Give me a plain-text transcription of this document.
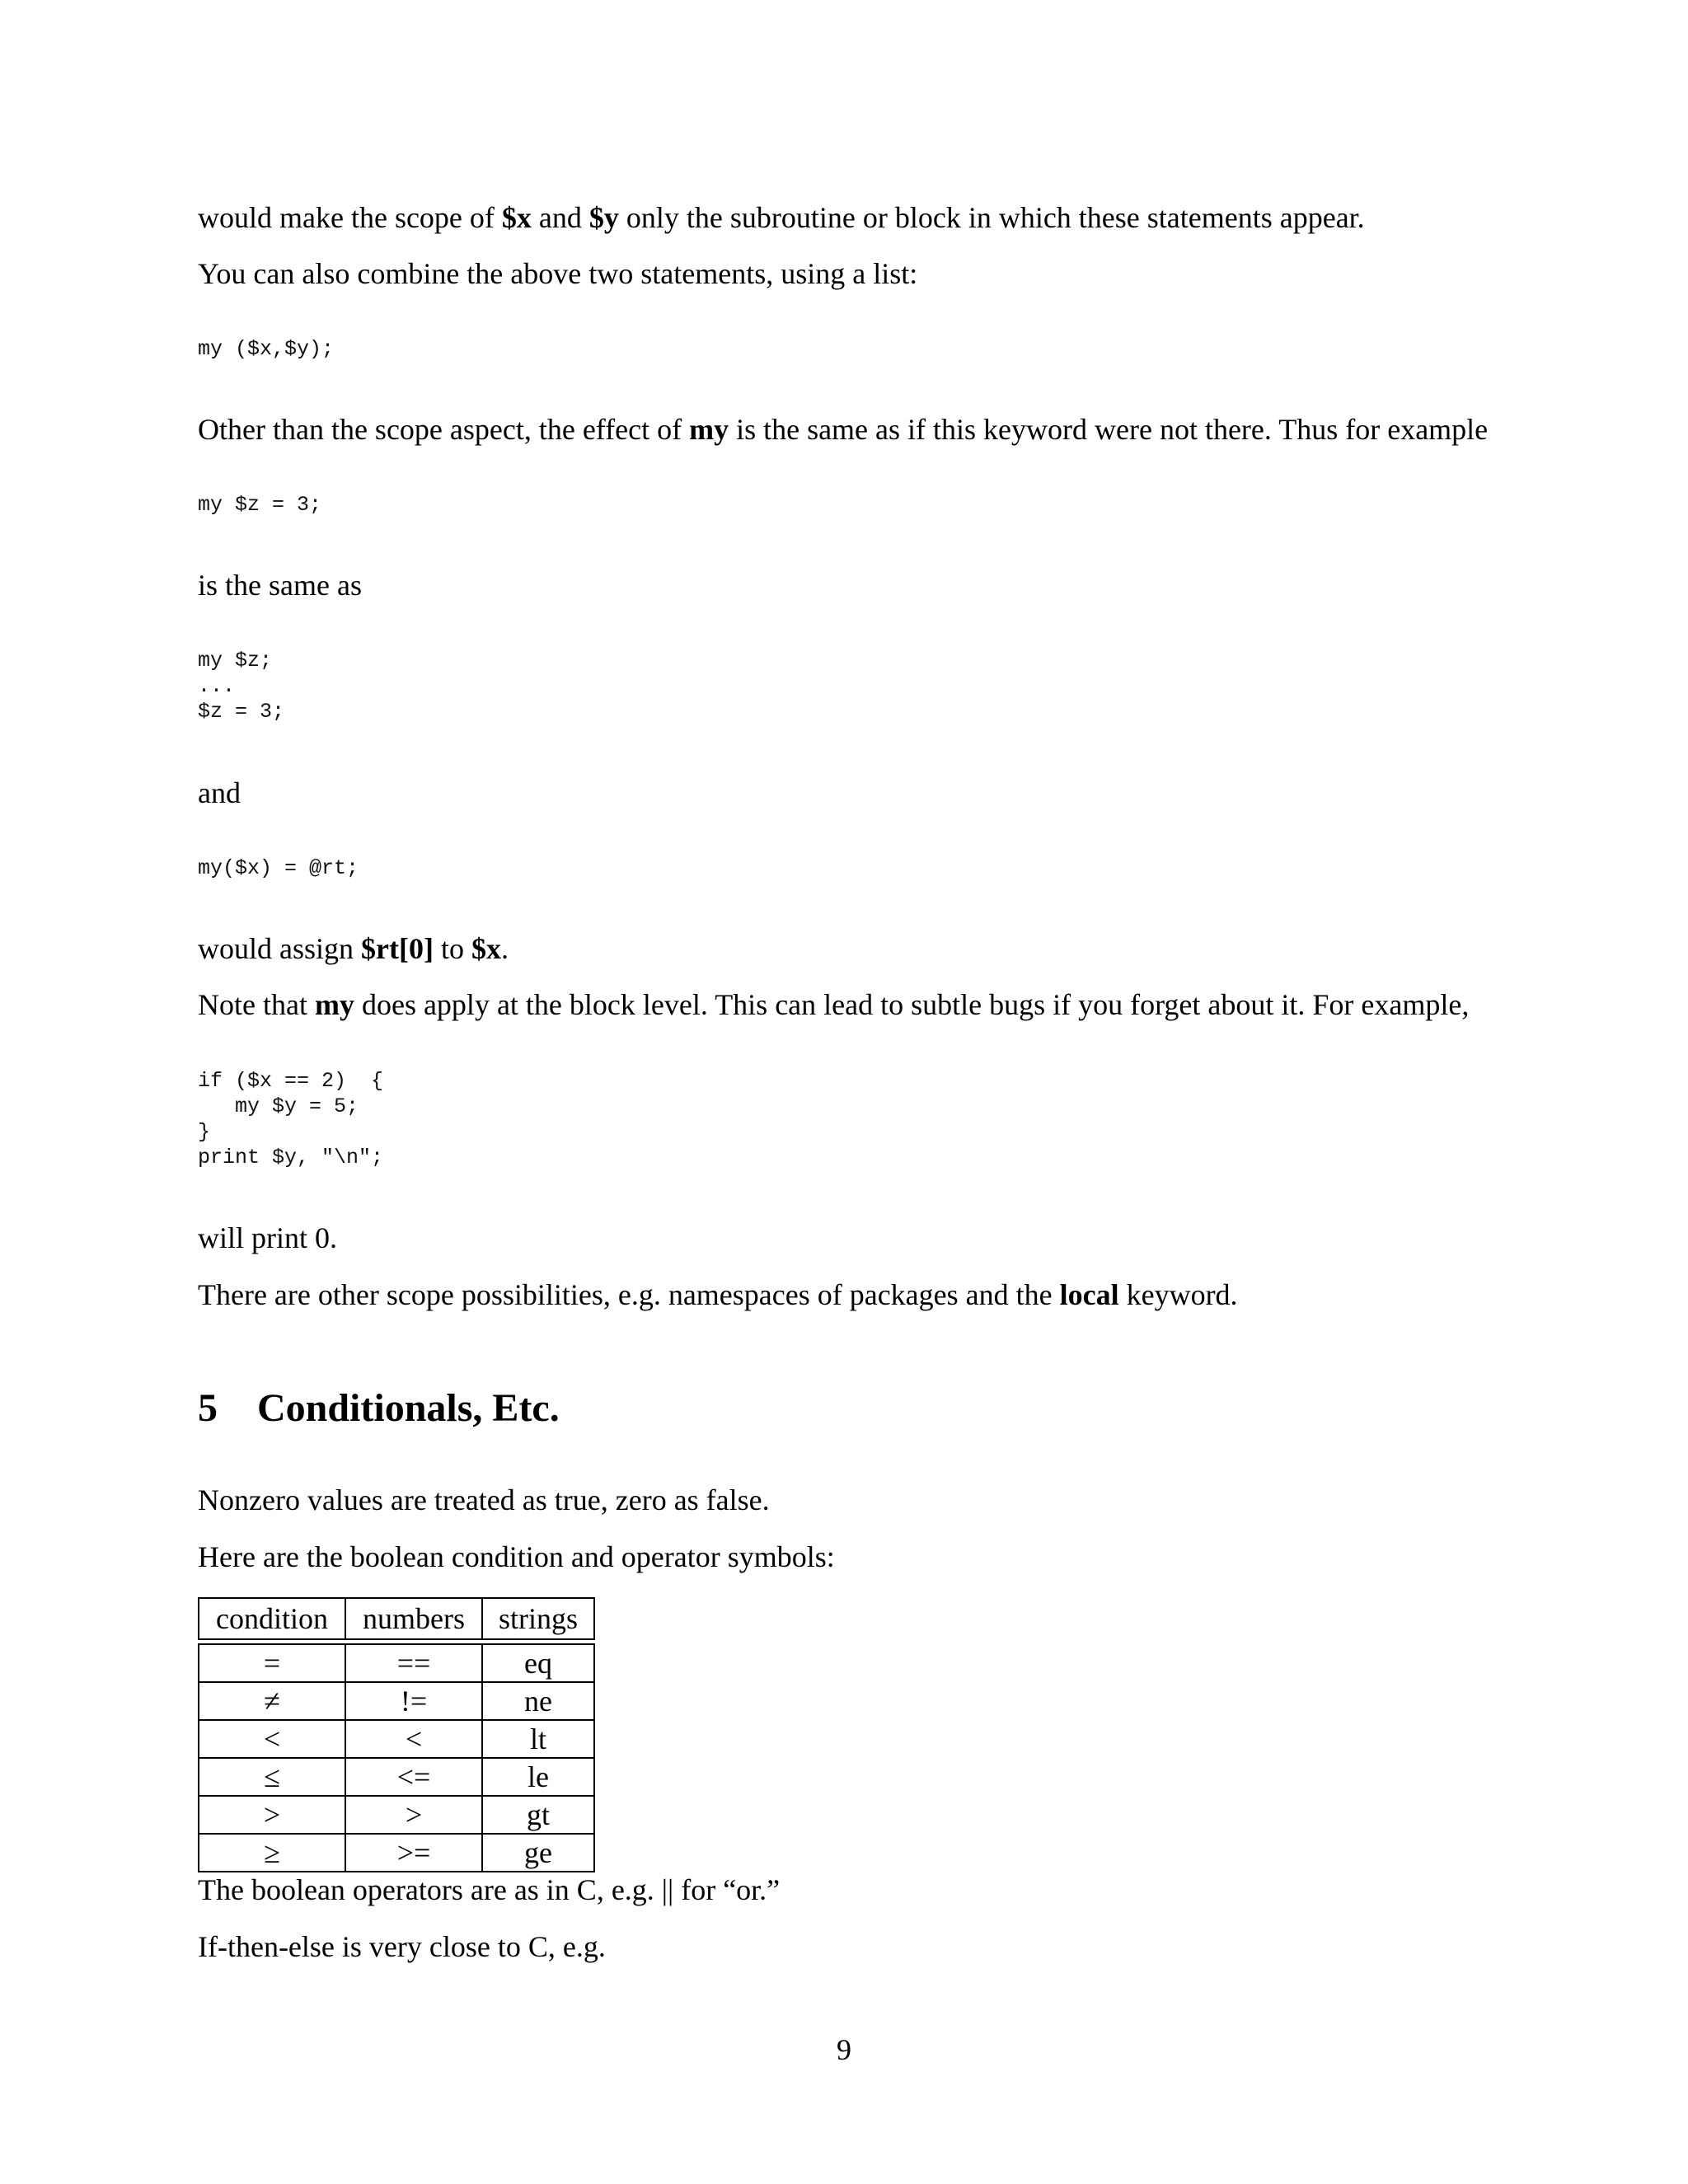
would make the scope of $x and $y only the subroutine or block in which these statements appear.

You can also combine the above two statements, using a list:

my ($x,$y);

Other than the scope aspect, the effect of my is the same as if this keyword were not there. Thus for example

my $z = 3;

is the same as

my $z;
...
$z = 3;

and

my($x) = @rt;

would assign $rt[0] to $x.

Note that my does apply at the block level. This can lead to subtle bugs if you forget about it. For example,

if ($x == 2)  {
my $y = 5;
}
print $y, "\n";

will print 0.

There are other scope possibilities, e.g. namespaces of packages and the local keyword.

5 Conditionals, Etc.

Nonzero values are treated as true, zero as false.

Here are the boolean condition and operator symbols:

condition	numbers	strings

=	==	eq
≠	!=	ne
<	<	lt
≤	<=	le
>	>	gt
≥	>=	ge

The boolean operators are as in C, e.g. || for “or.”

If-then-else is very close to C, e.g.

9
